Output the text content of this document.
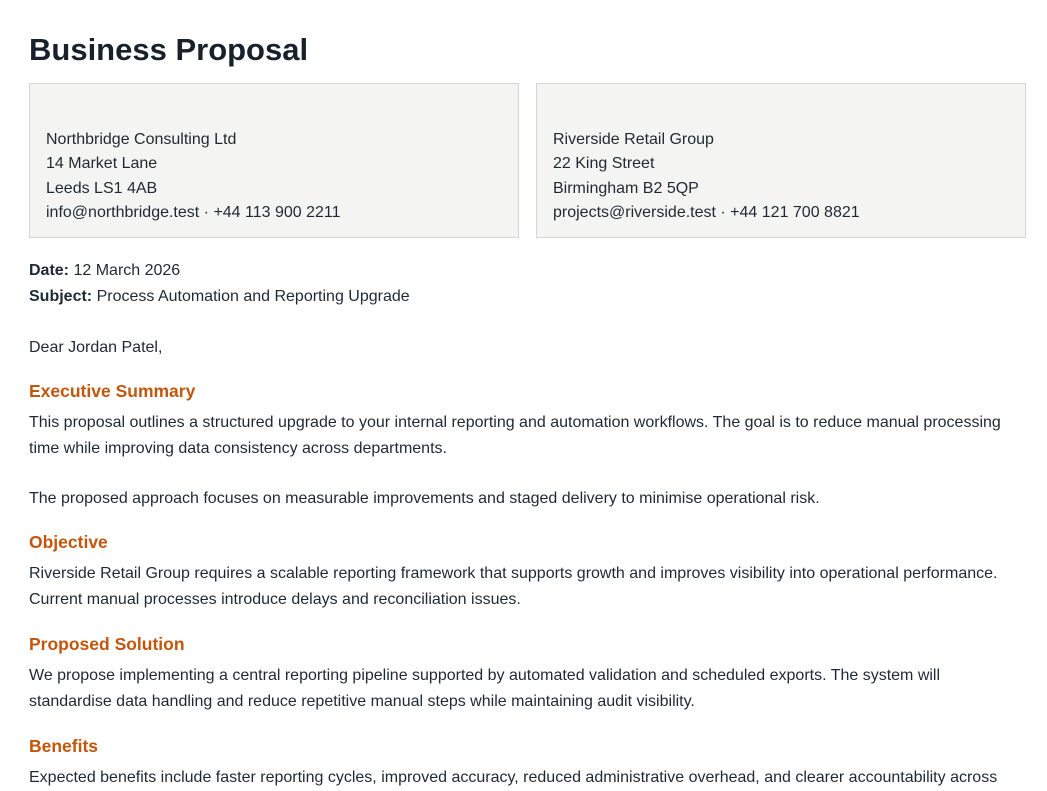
Business Proposal
Northbridge Consulting Ltd
14 Market Lane
Leeds LS1 4AB
info@northbridge.test · +44 113 900 2211
Riverside Retail Group
22 King Street
Birmingham B2 5QP
projects@riverside.test · +44 121 700 8821
Date: 12 March 2026
Subject: Process Automation and Reporting Upgrade
Dear Jordan Patel,
Executive Summary

This proposal outlines a structured upgrade to your internal reporting and automation workflows. The goal is to reduce manual processing time while improving data consistency across departments.

The proposed approach focuses on measurable improvements and staged delivery to minimise operational risk.

Objective

Riverside Retail Group requires a scalable reporting framework that supports growth and improves visibility into operational performance. Current manual processes introduce delays and reconciliation issues.

Proposed Solution

We propose implementing a central reporting pipeline supported by automated validation and scheduled exports. The system will standardise data handling and reduce repetitive manual steps while maintaining audit visibility.

Benefits

Expected benefits include faster reporting cycles, improved accuracy, reduced administrative overhead, and clearer accountability across
